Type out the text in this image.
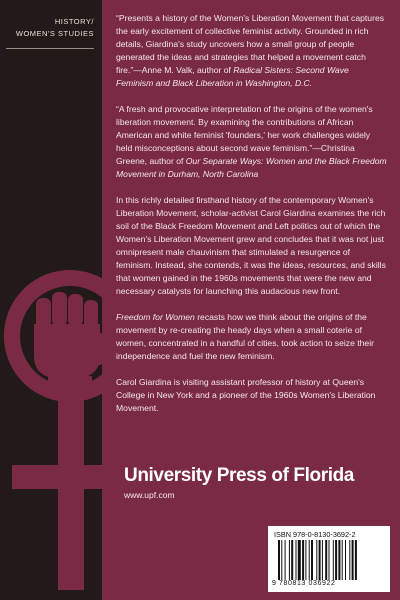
HISTORY/
WOMEN'S STUDIES

“Presents a history of the Women's Liberation Movement that captures the early excitement of collective feminist activity. Grounded in rich details, Giardina's study uncovers how a small group of people generated the ideas and strategies that helped a movement catch fire.”—Anne M. Valk, author of Radical Sisters: Second Wave Feminism and Black Liberation in Washington, D.C.

“A fresh and provocative interpretation of the origins of the women's liberation movement. By examining the contributions of African American and white feminist 'founders,' her work challenges widely held misconceptions about second wave feminism.”—Christina Greene, author of Our Separate Ways: Women and the Black Freedom Movement in Durham, North Carolina

In this richly detailed firsthand history of the contemporary Women's Liberation Movement, scholar-activist Carol Giardina examines the rich soil of the Black Freedom Movement and Left politics out of which the Women's Liberation Movement grew and concludes that it was not just omnipresent male chauvinism that stimulated a resurgence of feminism. Instead, she contends, it was the ideas, resources, and skills that women gained in the 1960s movements that were the new and necessary catalysts for launching this audacious new front.

Freedom for Women recasts how we think about the origins of the movement by re-creating the heady days when a small coterie of women, concentrated in a handful of cities, took action to seize their independence and fuel the new feminism.

Carol Giardina is visiting assistant professor of history at Queen's College in New York and a pioneer of the 1960s Women's Liberation Movement.

University Press of Florida
www.upf.com
ISBN 978-0-8130-3692-2
9 780813 036922
